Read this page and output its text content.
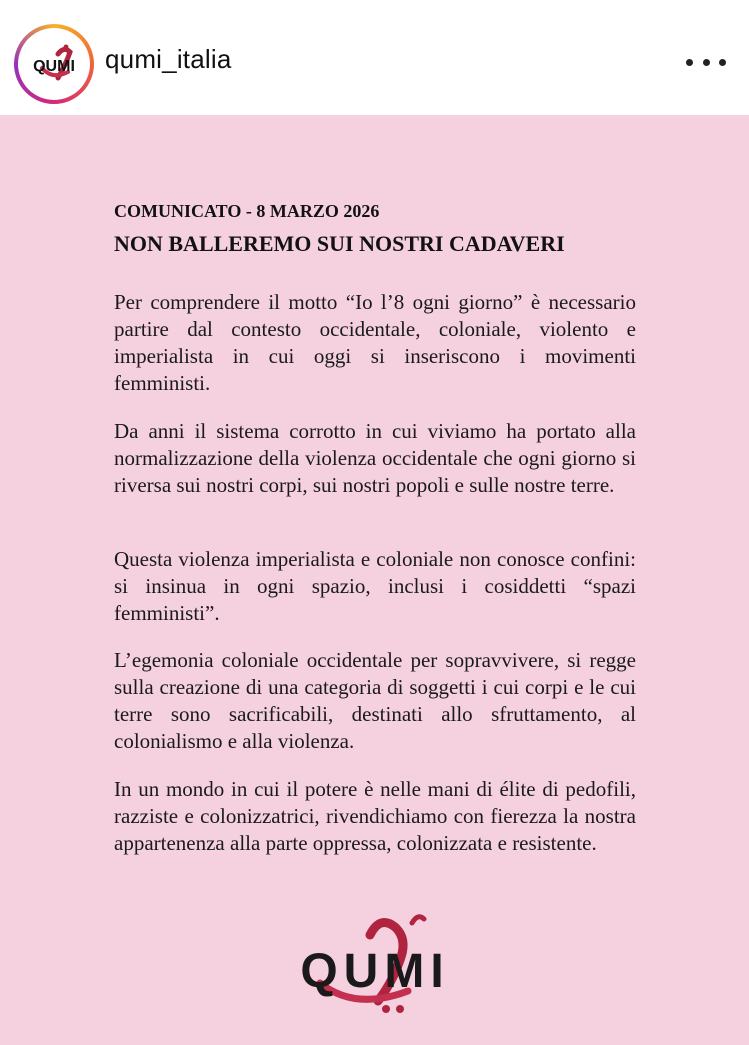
QUMI qumi_italia
COMUNICATO - 8 MARZO 2026
NON BALLEREMO SUI NOSTRI CADAVERI

Per comprendere il motto “Io l’8 ogni giorno” è necessario partire dal contesto occidentale, coloniale, violento e imperialista in cui oggi si inseriscono i movimenti femministi.

Da anni il sistema corrotto in cui viviamo ha portato alla normalizzazione della violenza occidentale che ogni giorno si riversa sui nostri corpi, sui nostri popoli e sulle nostre terre.

Questa violenza imperialista e coloniale non conosce confini: si insinua in ogni spazio, inclusi i cosiddetti “spazi femministi”.

L’egemonia coloniale occidentale per sopravvivere, si regge sulla creazione di una categoria di soggetti i cui corpi e le cui terre sono sacrificabili, destinati allo sfruttamento, al colonialismo e alla violenza.

In un mondo in cui il potere è nelle mani di élite di pedofili, razziste e colonizzatrici, rivendichiamo con fierezza la nostra appartenenza alla parte oppressa, colonizzata e resistente.

QUMI
